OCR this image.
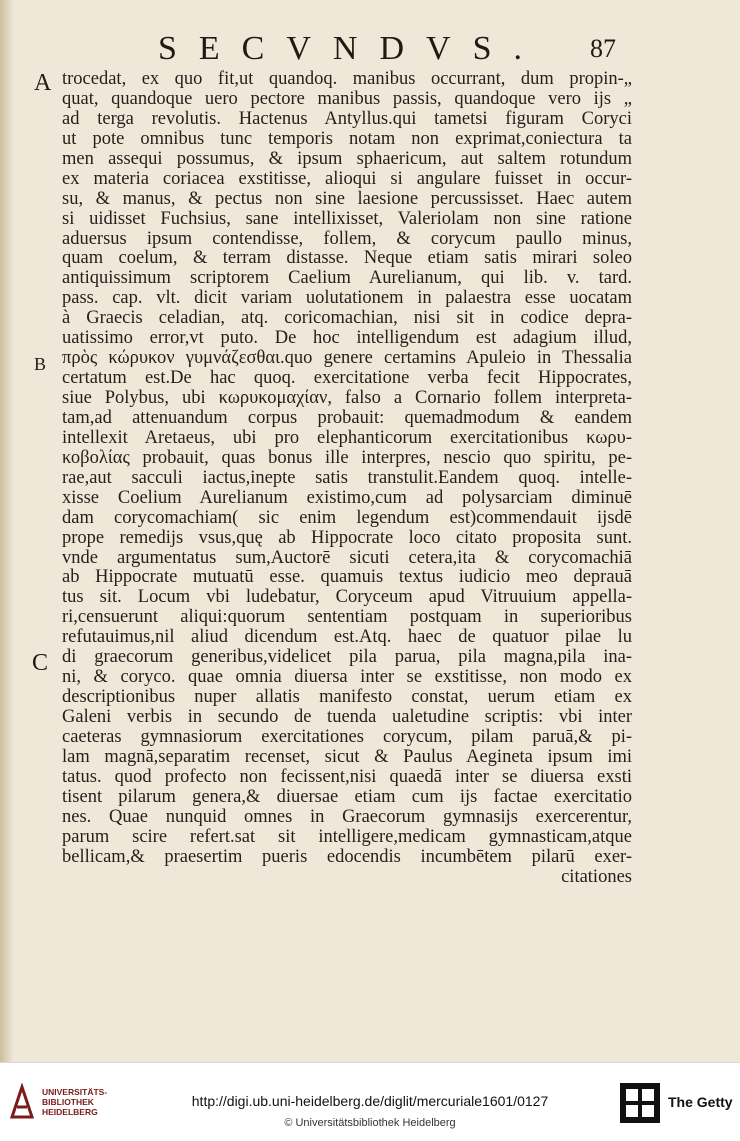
SECVNDVS. 87
A
B
C
trocedat, ex quo fit,ut quandoq. manibus occurrant, dum propin-„
quat, quandoque uero pectore manibus passis, quandoque vero ijs „
ad terga revolutis. Hactenus Antyllus.qui tametsi figuram Coryci
ut pote omnibus tunc temporis notam non exprimat,coniectura ta
men assequi possumus, & ipsum sphaericum, aut saltem rotundum
ex materia coriacea exstitisse, alioqui si angulare fuisset in occur-
su, & manus, & pectus non sine laesione percussisset. Haec autem
si uidisset Fuchsius, sane intellixisset, Valeriolam non sine ratione
aduersus ipsum contendisse, follem, & corycum paullo minus,
quam coelum, & terram distasse. Neque etiam satis mirari soleo
antiquissimum scriptorem Caelium Aurelianum, qui lib. v. tard.
pass. cap. vlt. dicit variam uolutationem in palaestra esse uocatam
à Graecis celadian, atq. coricomachian, nisi sit in codice depra-
uatissimo error,vt puto. De hoc intelligendum est adagium illud,
πρὸς κώρυκον γυμνάζεσθαι.quo genere certamins Apuleio in Thessalia
certatum est.De hac quoq. exercitatione verba fecit Hippocrates,
siue Polybus, ubi κωρυκομαχίαν, falso a Cornario follem interpreta-
tam,ad attenuandum corpus probauit: quemadmodum & eandem
intellexit Aretaeus, ubi pro elephanticorum exercitationibus κωρυ-
κοβολίας probauit, quas bonus ille interpres, nescio quo spiritu, pe-
rae,aut sacculi iactus,inepte satis transtulit.Eandem quoq. intelle-
xisse Coelium Aurelianum existimo,cum ad polysarciam diminuē
dam corycomachiam( sic enim legendum est)commendauit ijsdē
prope remedijs vsus,quę ab Hippocrate loco citato proposita sunt.
vnde argumentatus sum,Auctorē sicuti cetera,ita & corycomachiā
ab Hippocrate mutuatū esse. quamuis textus iudicio meo deprauā
tus sit. Locum vbi ludebatur, Coryceum apud Vitruuium appella-
ri,censuerunt aliqui:quorum sententiam postquam in superioribus
refutauimus,nil aliud dicendum est.Atq. haec de quatuor pilae lu
di graecorum generibus,videlicet pila parua, pila magna,pila ina-
ni, & coryco. quae omnia diuersa inter se exstitisse, non modo ex
descriptionibus nuper allatis manifesto constat, uerum etiam ex
Galeni verbis in secundo de tuenda ualetudine scriptis: vbi inter
caeteras gymnasiorum exercitationes corycum, pilam paruā,& pi-
lam magnā,separatim recenset, sicut & Paulus Aegineta ipsum imi
tatus. quod profecto non fecissent,nisi quaedā inter se diuersa exsti
tisent pilarum genera,& diuersae etiam cum ijs factae exercitatio
nes. Quae nunquid omnes in Graecorum gymnasijs exercerentur,
parum scire refert.sat sit intelligere,medicam gymnasticam,atque
bellicam,& praesertim pueris edocendis incumbētem pilarū exer-
citationes
UNIVERSITÄTS-
BIBLIOTHEK
HEIDELBERG
http://digi.ub.uni-heidelberg.de/diglit/mercuriale1601/0127
© Universitätsbibliothek Heidelberg
The Getty
